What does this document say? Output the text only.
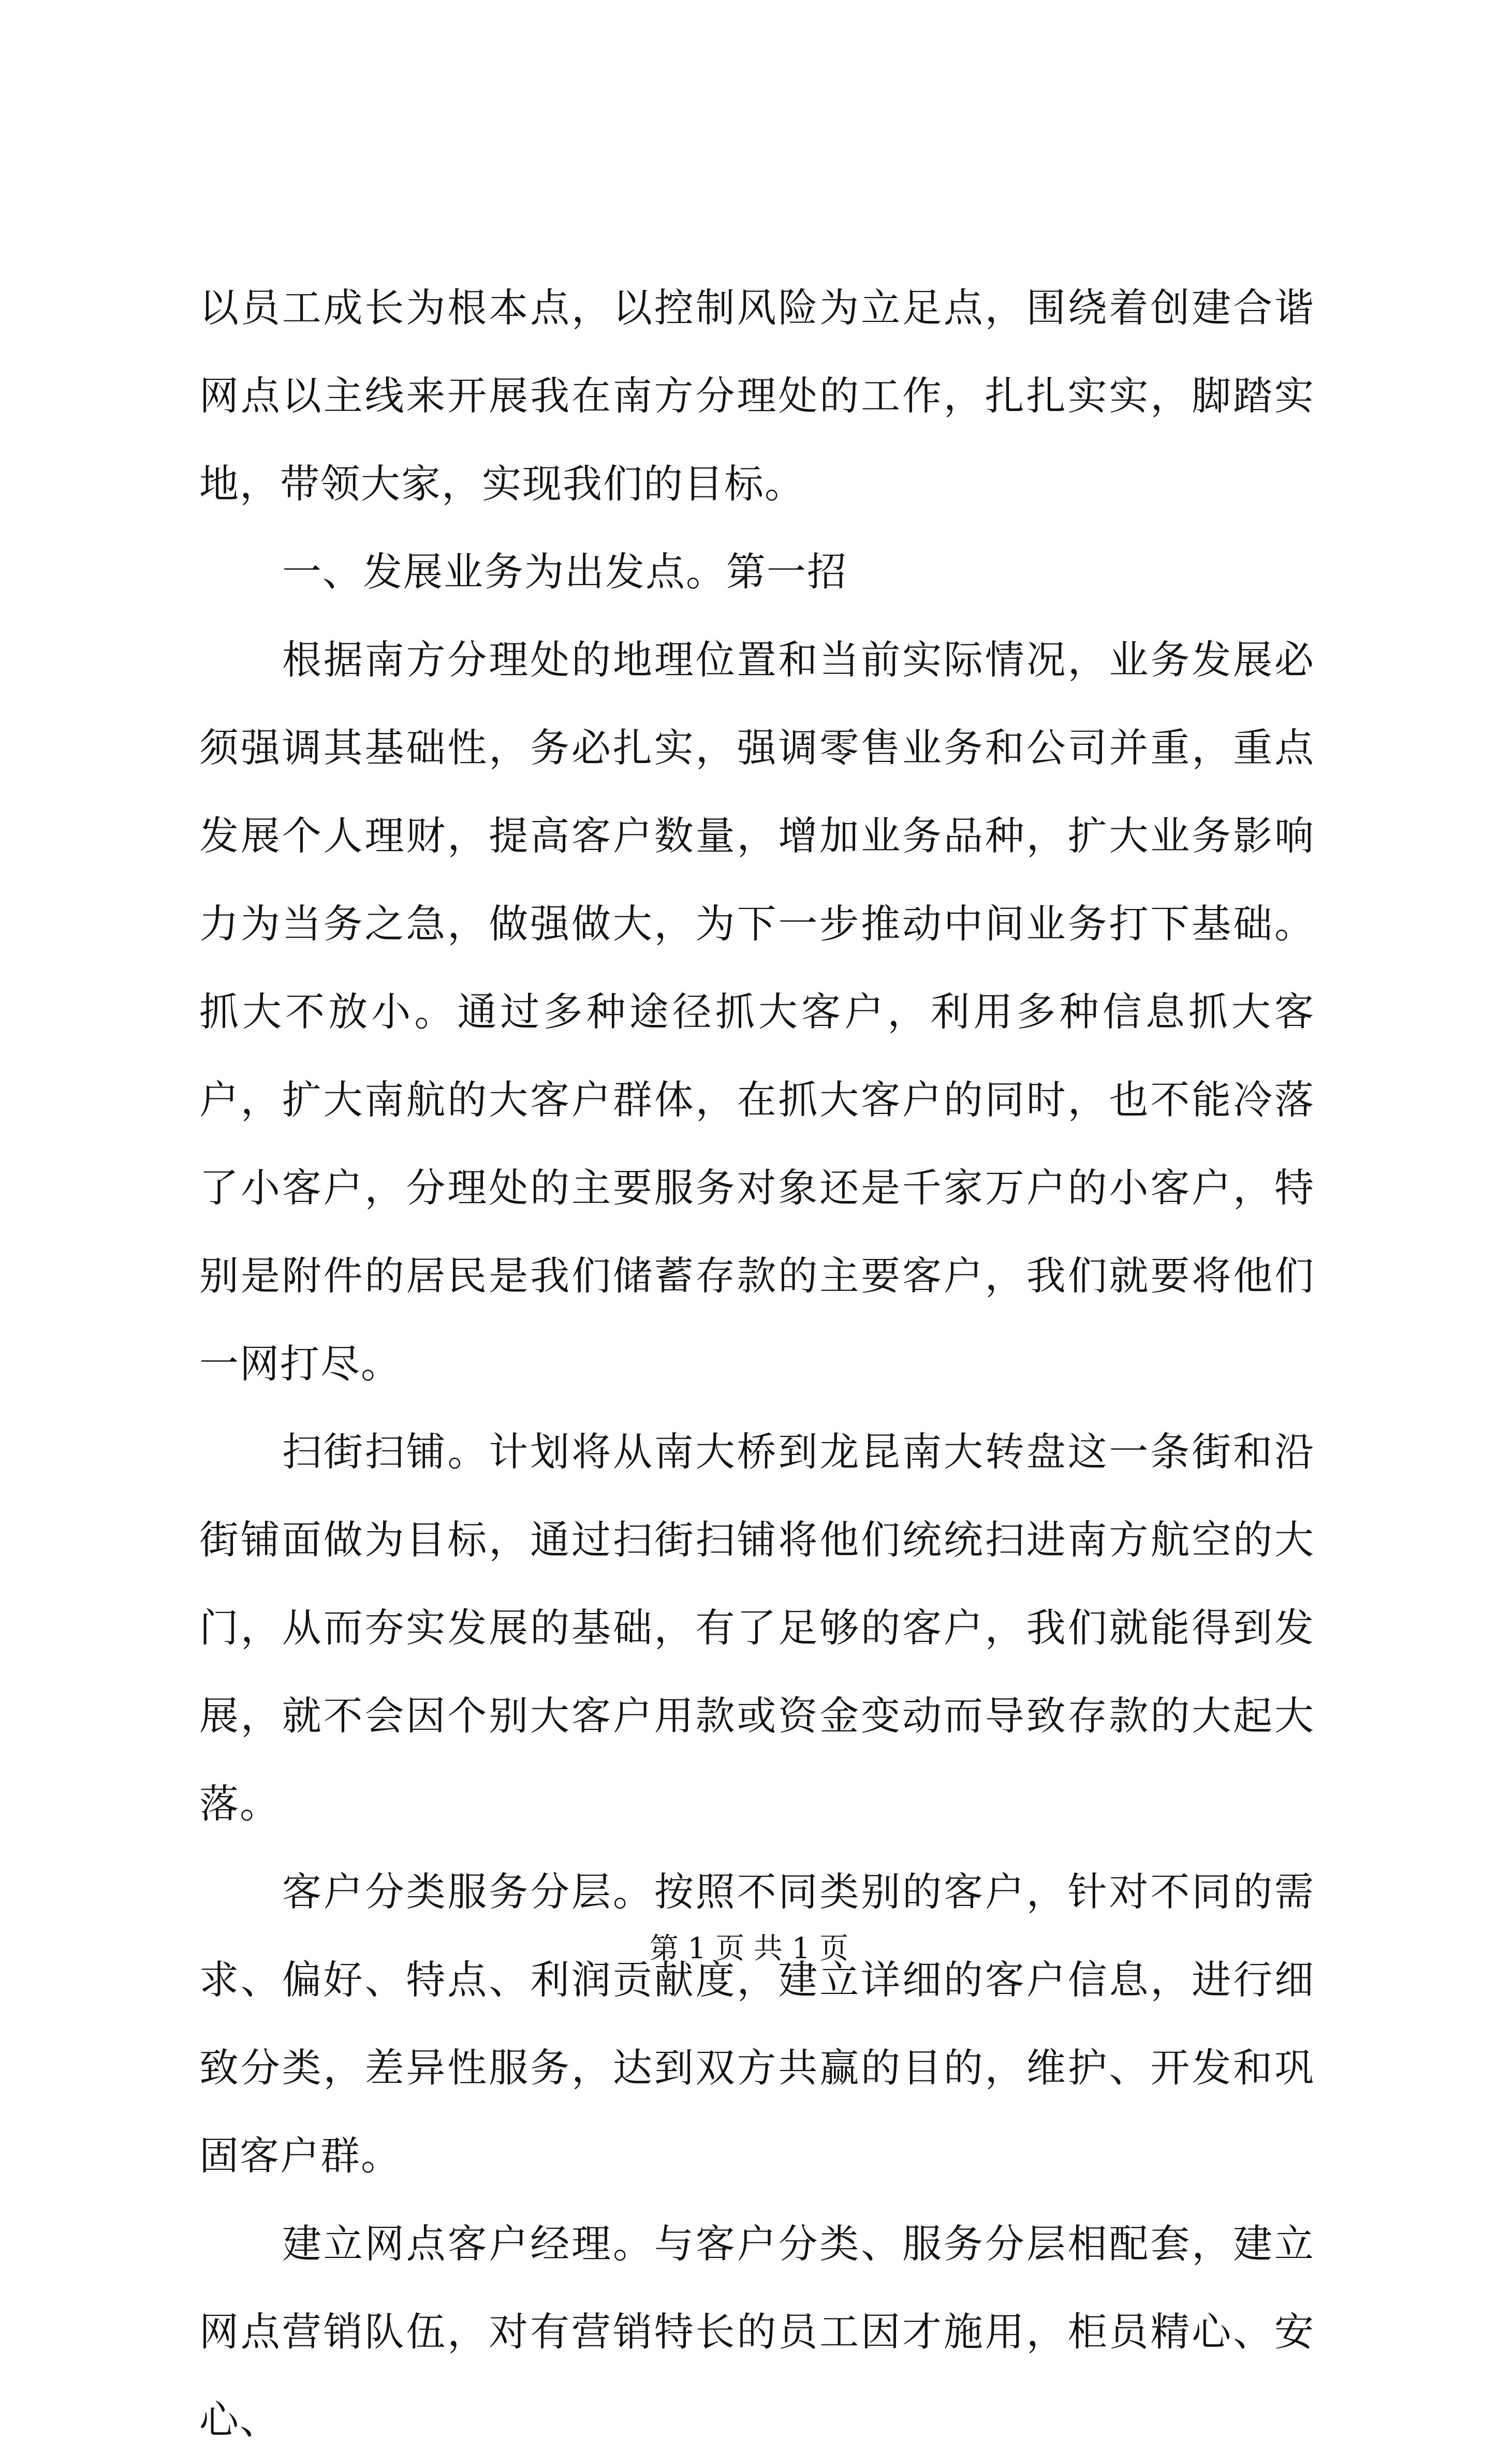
以员工成长为根本点，以控制风险为立足点，围绕着创建合谐网点以主线来开展我在南方分理处的工作，扎扎实实，脚踏实地，带领大家，实现我们的目标。

一、发展业务为出发点。第一招

根据南方分理处的地理位置和当前实际情况，业务发展必须强调其基础性，务必扎实，强调零售业务和公司并重，重点发展个人理财，提高客户数量，增加业务品种，扩大业务影响力为当务之急，做强做大，为下一步推动中间业务打下基础。抓大不放小。通过多种途径抓大客户，利用多种信息抓大客户，扩大南航的大客户群体，在抓大客户的同时，也不能冷落了小客户，分理处的主要服务对象还是千家万户的小客户，特别是附件的居民是我们储蓄存款的主要客户，我们就要将他们一网打尽。

扫街扫铺。计划将从南大桥到龙昆南大转盘这一条街和沿街铺面做为目标，通过扫街扫铺将他们统统扫进南方航空的大门，从而夯实发展的基础，有了足够的客户，我们就能得到发展，就不会因个别大客户用款或资金变动而导致存款的大起大落。

客户分类服务分层。按照不同类别的客户，针对不同的需求、偏好、特点、利润贡献度，建立详细的客户信息，进行细致分类，差异性服务，达到双方共赢的目的，维护、开发和巩固客户群。

建立网点客户经理。与客户分类、服务分层相配套，建立网点营销队伍，对有营销特长的员工因才施用，柜员精心、安心、

第 1 页 共 1 页
